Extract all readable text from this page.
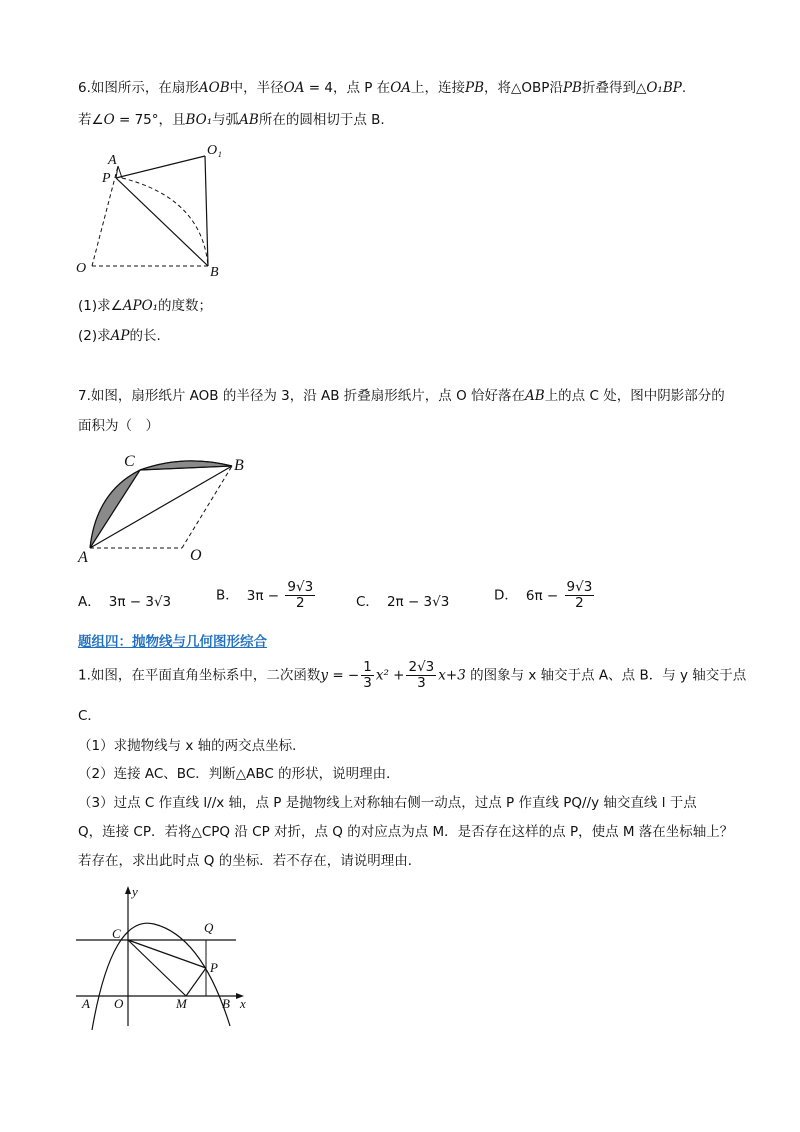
6.如图所示，在扇形AOB中，半径OA = 4，点 P 在OA上，连接PB，将△OBP沿PB折叠得到△O₁BP.
若∠O = 75°，且BO₁与弧AB所在的圆相切于点 B.
A
P
O₁
O	B
(1)求∠APO₁的度数；
(2)求AP的长.
7.如图，扇形纸片 AOB 的半径为 3，沿 AB 折叠扇形纸片，点 O 恰好落在AB上的点 C 处，图中阴影部分的
面积为（　）
C	B
A	O
A． 3π − 3√3	B． $3\pi - \frac{9√3}{2}$	C． 2π − 3√3	D． $6\pi - \frac{9√3}{2}$
题组四：抛物线与几何图形综合
1.如图，在平面直角坐标系中，二次函数y = − $\frac{1}{3} x^2 + \frac{2√3}{3} x+3$ 的图象与 x 轴交于点 A、点 B．与 y 轴交于点
C．
（1）求抛物线与 x 轴的两交点坐标．
（2）连接 AC、BC．判断△ABC 的形状，说明理由．
（3）过点 C 作直线 l//x 轴，点 P 是抛物线上对称轴右侧一动点，过点 P 作直线 PQ//y 轴交直线 l 于点
Q，连接 CP．若将△CPQ 沿 CP 对折，点 Q 的对应点为点 M．是否存在这样的点 P，使点 M 落在坐标轴上？
若存在，求出此时点 Q 的坐标．若不存在，请说明理由．
y
C	Q
P
A O	M	B x
